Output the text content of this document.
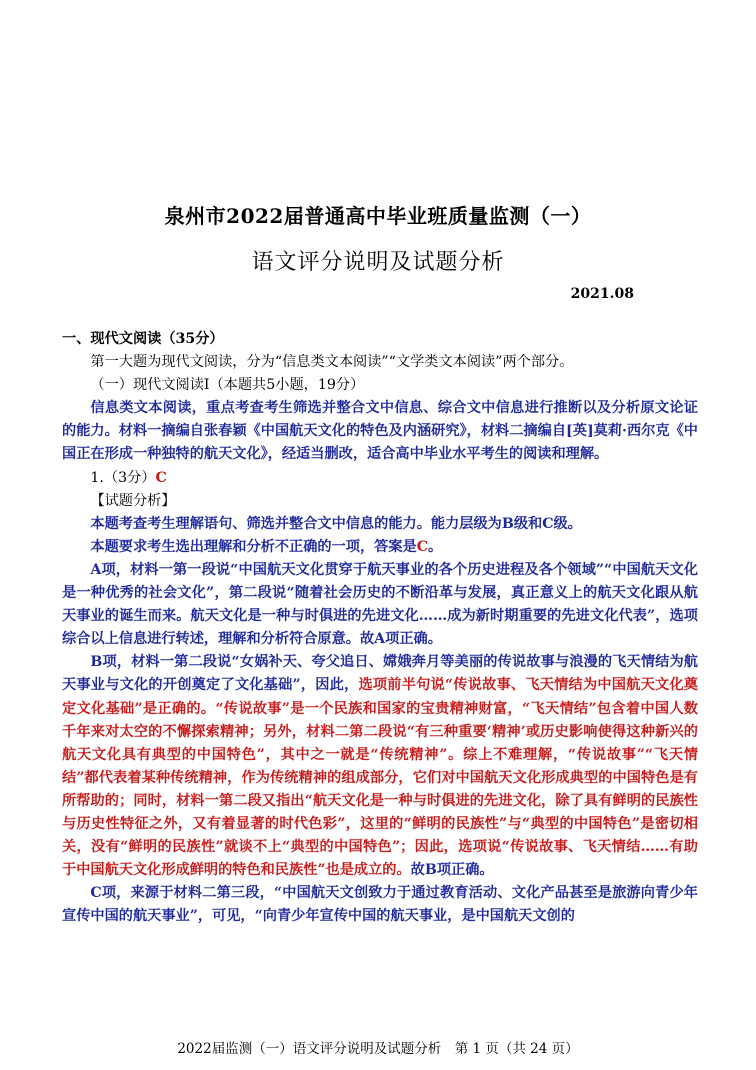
泉州市2022届普通高中毕业班质量监测（一）
语文评分说明及试题分析
2021.08

一、现代文阅读（35分）

第一大题为现代文阅读，分为“信息类文本阅读”“文学类文本阅读”两个部分。

（一）现代文阅读Ⅰ（本题共5小题，19分）

信息类文本阅读，重点考查考生筛选并整合文中信息、综合文中信息进行推断以及分析原文论证的能力。材料一摘编自张春颖《中国航天文化的特色及内涵研究》，材料二摘编自[英]莫莉·西尔克《中国正在形成一种独特的航天文化》，经适当删改，适合高中毕业水平考生的阅读和理解。

1.（3分）C

【试题分析】

本题考查考生理解语句、筛选并整合文中信息的能力。能力层级为B级和C级。

本题要求考生选出理解和分析不正确的一项，答案是C。

A项，材料一第一段说“中国航天文化贯穿于航天事业的各个历史进程及各个领域”“中国航天文化是一种优秀的社会文化”，第二段说“随着社会历史的不断沿革与发展，真正意义上的航天文化跟从航天事业的诞生而来。航天文化是一种与时俱进的先进文化……成为新时期重要的先进文化代表”，选项综合以上信息进行转述，理解和分析符合原意。故A项正确。

B项，材料一第二段说“女娲补天、夸父追日、嫦娥奔月等美丽的传说故事与浪漫的飞天情结为航天事业与文化的开创奠定了文化基础”，因此，选项前半句说“传说故事、飞天情结为中国航天文化奠定文化基础”是正确的。“传说故事”是一个民族和国家的宝贵精神财富，“飞天情结”包含着中国人数千年来对太空的不懈探索精神；另外，材料二第二段说“有三种重要‘精神’或历史影响使得这种新兴的航天文化具有典型的中国特色”，其中之一就是“传统精神”。综上不难理解，“传说故事”“飞天情结”都代表着某种传统精神，作为传统精神的组成部分，它们对中国航天文化形成典型的中国特色是有所帮助的；同时，材料一第二段又指出“航天文化是一种与时俱进的先进文化，除了具有鲜明的民族性与历史性特征之外，又有着显著的时代色彩”，这里的“鲜明的民族性”与“典型的中国特色”是密切相关，没有“鲜明的民族性”就谈不上“典型的中国特色”；因此，选项说“传说故事、飞天情结……有助于中国航天文化形成鲜明的特色和民族性”也是成立的。故B项正确。

C项，来源于材料二第三段，“中国航天文创致力于通过教育活动、文化产品甚至是旅游向青少年宣传中国的航天事业”，可见，“向青少年宣传中国的航天事业，是中国航天文创的

2022届监测（一）语文评分说明及试题分析　第 1 页（共 24 页）
